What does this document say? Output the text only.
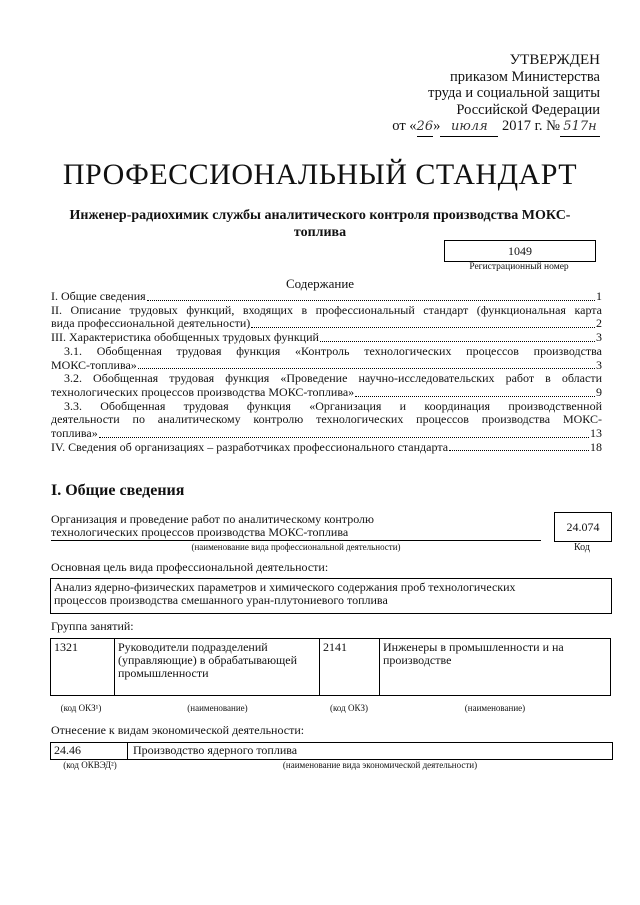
УТВЕРЖДЕН
приказом Министерства
труда и социальной защиты
Российской Федерации
от «26» июля 2017 г. № 517н
ПРОФЕССИОНАЛЬНЫЙ СТАНДАРТ
Инженер-радиохимик службы аналитического контроля производства МОКС-топлива
1049
Регистрационный номер
Содержание
I. Общие сведения	1
II. Описание трудовых функций, входящих в профессиональный стандарт (функциональная карта
вида профессиональной деятельности)	2
III. Характеристика обобщенных трудовых функций	3
3.1. Обобщенная трудовая функция «Контроль технологических процессов производства
МОКС-топлива»	3
3.2. Обобщенная трудовая функция «Проведение научно-исследовательских работ в области
технологических процессов производства МОКС-топлива»	9
3.3. Обобщенная трудовая функция «Организация и координация производственной
деятельности по аналитическому контролю технологических процессов производства МОКС-
топлива»	13
IV. Сведения об организациях – разработчиках профессионального стандарта	18
I. Общие сведения
Организация и проведение работ по аналитическому контролю
технологических процессов производства МОКС-топлива
(наименование вида профессиональной деятельности)
24.074
Код
Основная цель вида профессиональной деятельности:
Анализ ядерно-физических параметров и химического содержания проб технологических
процессов производства смешанного уран-плутониевого топлива
Группа занятий:
1321	Руководители подразделений (управляющие) в обрабатывающей промышленности	2141	Инженеры в промышленности и на производстве
(код ОКЗ¹)	(наименование)	(код ОКЗ)	(наименование)
Отнесение к видам экономической деятельности:
24.46	Производство ядерного топлива
(код ОКВЭД²)	(наименование вида экономической деятельности)
